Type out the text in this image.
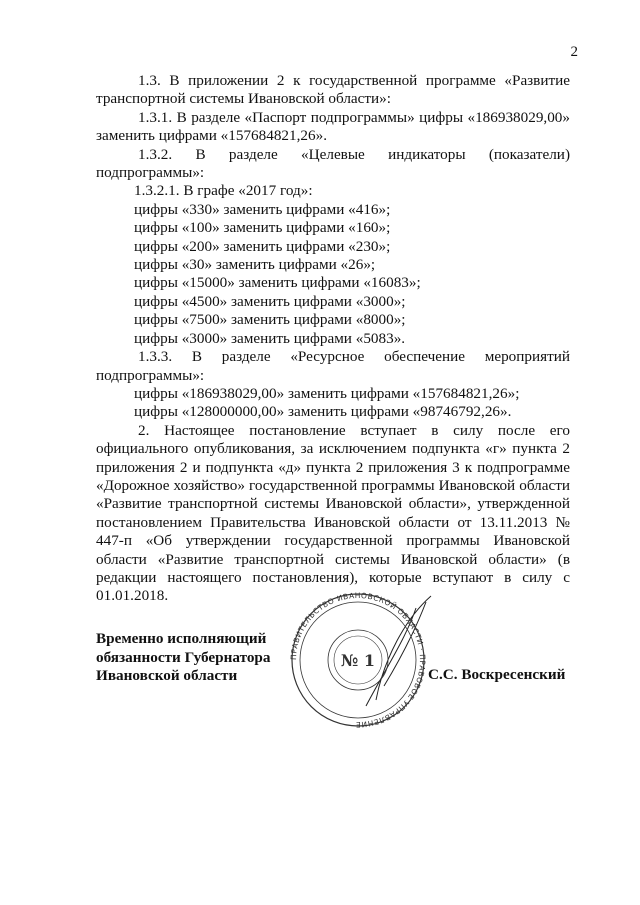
2

1.3. В приложении 2 к государственной программе «Развитие транспортной системы Ивановской области»:

1.3.1. В разделе «Паспорт подпрограммы» цифры «186938029,00» заменить цифрами «157684821,26».

1.3.2. В разделе «Целевые индикаторы (показатели) подпрограммы»:

1.3.2.1. В графе «2017 год»:

цифры «330» заменить цифрами «416»;

цифры «100» заменить цифрами «160»;

цифры «200» заменить цифрами «230»;

цифры «30» заменить цифрами «26»;

цифры «15000» заменить цифрами «16083»;

цифры «4500» заменить цифрами «3000»;

цифры «7500» заменить цифрами «8000»;

цифры «3000» заменить цифрами «5083».

1.3.3. В разделе «Ресурсное обеспечение мероприятий подпрограммы»:

цифры «186938029,00» заменить цифрами «157684821,26»;

цифры «128000000,00» заменить цифрами «98746792,26».

2. Настоящее постановление вступает в силу после его официального опубликования, за исключением подпункта «г» пункта 2 приложения 2 и подпункта «д» пункта 2 приложения 3 к подпрограмме «Дорожное хозяйство» государственной программы Ивановской области «Развитие транспортной системы Ивановской области», утвержденной постановлением Правительства Ивановской области от 13.11.2013 № 447-п «Об утверждении государственной программы Ивановской области «Развитие транспортной системы Ивановской области» (в редакции настоящего постановления), которые вступают в силу с 01.01.2018.

ПРАВИТЕЛЬСТВО ИВАНОВСКОЙ ОБЛАСТИ · ПРАВОВОЕ УПРАВЛЕНИЕ
№ 1
Временно исполняющий
обязанности Губернатора
Ивановской области	С.С. Воскресенский
